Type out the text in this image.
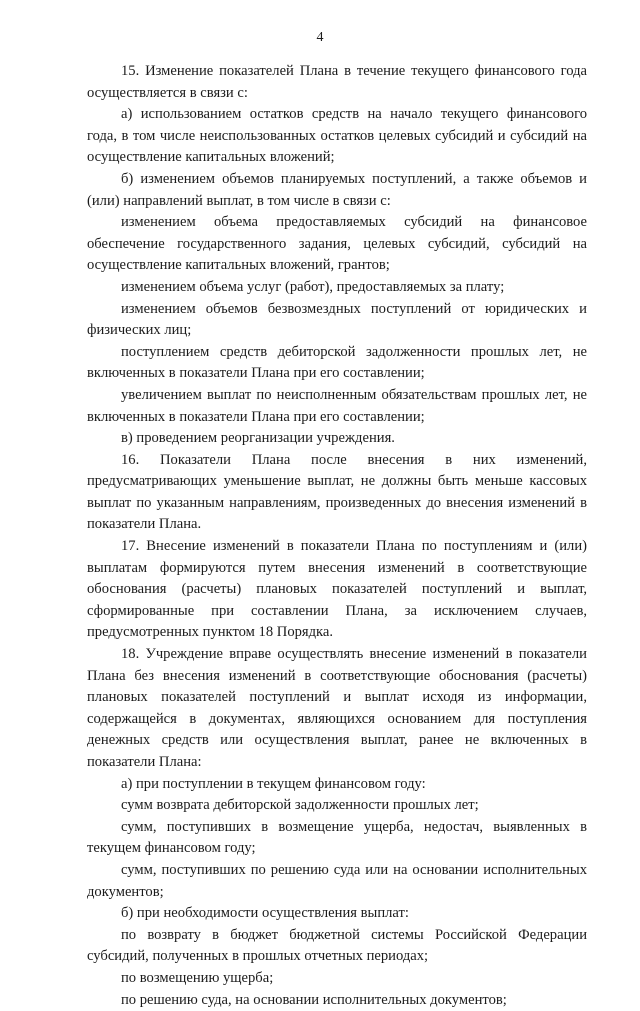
4

15. Изменение показателей Плана в течение текущего финансового года осуществляется в связи с:

а) использованием остатков средств на начало текущего финансового года, в том числе неиспользованных остатков целевых субсидий и субсидий на осуществление капитальных вложений;

б) изменением объемов планируемых поступлений, а также объемов и (или) направлений выплат, в том числе в связи с:

изменением объема предоставляемых субсидий на финансовое обеспечение государственного задания, целевых субсидий, субсидий на осуществление капитальных вложений, грантов;

изменением объема услуг (работ), предоставляемых за плату;

изменением объемов безвозмездных поступлений от юридических и физических лиц;

поступлением средств дебиторской задолженности прошлых лет, не включенных в показатели Плана при его составлении;

увеличением выплат по неисполненным обязательствам прошлых лет, не включенных в показатели Плана при его составлении;

в) проведением реорганизации учреждения.

16. Показатели Плана после внесения в них изменений, предусматривающих уменьшение выплат, не должны быть меньше кассовых выплат по указанным направлениям, произведенных до внесения изменений в показатели Плана.

17. Внесение изменений в показатели Плана по поступлениям и (или) выплатам формируются путем внесения изменений в соответствующие обоснования (расчеты) плановых показателей поступлений и выплат, сформированные при составлении Плана, за исключением случаев, предусмотренных пунктом 18 Порядка.

18. Учреждение вправе осуществлять внесение изменений в показатели Плана без внесения изменений в соответствующие обоснования (расчеты) плановых показателей поступлений и выплат исходя из информации, содержащейся в документах, являющихся основанием для поступления денежных средств или осуществления выплат, ранее не включенных в показатели Плана:

а) при поступлении в текущем финансовом году:

сумм возврата дебиторской задолженности прошлых лет;

сумм, поступивших в возмещение ущерба, недостач, выявленных в текущем финансовом году;

сумм, поступивших по решению суда или на основании исполнительных документов;

б) при необходимости осуществления выплат:

по возврату в бюджет бюджетной системы Российской Федерации субсидий, полученных в прошлых отчетных периодах;

по возмещению ущерба;

по решению суда, на основании исполнительных документов;
